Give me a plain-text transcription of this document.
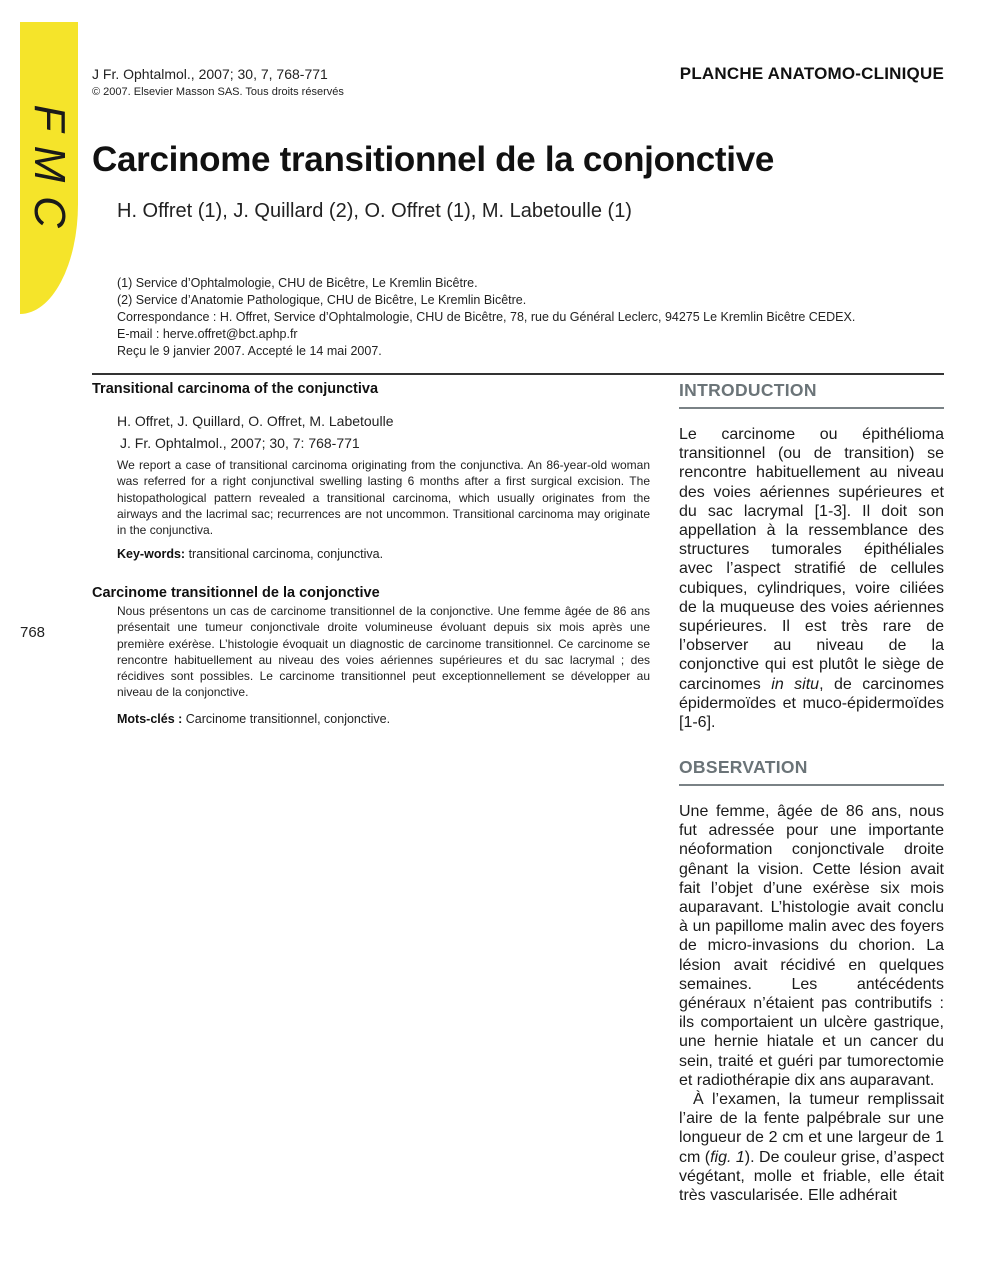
F
M
C
J Fr. Ophtalmol., 2007; 30, 7, 768-771
© 2007. Elsevier Masson SAS. Tous droits réservés
PLANCHE ANATOMO-CLINIQUE
Carcinome transitionnel de la conjonctive
H. Offret (1), J. Quillard (2), O. Offret (1), M. Labetoulle (1)
(1) Service d’Ophtalmologie, CHU de Bicêtre, Le Kremlin Bicêtre.
(2) Service d’Anatomie Pathologique, CHU de Bicêtre, Le Kremlin Bicêtre.
Correspondance : H. Offret, Service d’Ophtalmologie, CHU de Bicêtre, 78, rue du Général Leclerc, 94275 Le Kremlin Bicêtre CEDEX.
E-mail : herve.offret@bct.aphp.fr
Reçu le 9 janvier 2007. Accepté le 14 mai 2007.

Transitional carcinoma of the conjunctiva

H. Offret, J. Quillard, O. Offret, M. Labetoulle

J. Fr. Ophtalmol., 2007; 30, 7: 768-771

We report a case of transitional carcinoma originating from the conjunctiva. An 86-year-old woman was referred for a right conjunctival swelling lasting 6 months after a first surgical excision. The histopathological pattern revealed a transitional carcinoma, which usually originates from the airways and the lacrimal sac; recurrences are not uncommon. Transitional carcinoma may originate in the conjunctiva.

Key-words: transitional carcinoma, conjunctiva.

Carcinome transitionnel de la conjonctive

Nous présentons un cas de carcinome transitionnel de la conjonctive. Une femme âgée de 86 ans présentait une tumeur conjonctivale droite volumineuse évoluant depuis six mois après une première exérèse. L’histologie évoquait un diagnostic de carcinome transitionnel. Ce carcinome se rencontre habituellement au niveau des voies aériennes supérieures et du sac lacrymal ; des récidives sont possibles. Le carcinome transitionnel peut exceptionnellement se développer au niveau de la conjonctive.

Mots-clés : Carcinome transitionnel, conjonctive.

INTRODUCTION

Le carcinome ou épithélioma transitionnel (ou de transition) se rencontre habituellement au niveau des voies aériennes supérieures et du sac lacrymal [1-3]. Il doit son appellation à la ressemblance des structures tumorales épithéliales avec l’aspect stratifié de cellules cubiques, cylindriques, voire ciliées de la muqueuse des voies aériennes supérieures. Il est très rare de l’observer au niveau de la conjonctive qui est plutôt le siège de carcinomes in situ, de carcinomes épidermoïdes et muco-épidermoïdes [1-6].

OBSERVATION

Une femme, âgée de 86 ans, nous fut adressée pour une importante néoformation conjonctivale droite gênant la vision. Cette lésion avait fait l’objet d’une exérèse six mois auparavant. L’histologie avait conclu à un papillome malin avec des foyers de micro-invasions du chorion. La lésion avait récidivé en quelques semaines. Les antécédents généraux n’étaient pas contributifs : ils comportaient un ulcère gastrique, une hernie hiatale et un cancer du sein, traité et guéri par tumorectomie et radiothérapie dix ans auparavant.

À l’examen, la tumeur remplissait l’aire de la fente palpébrale sur une longueur de 2 cm et une largeur de 1 cm (fig. 1). De couleur grise, d’aspect végétant, molle et friable, elle était très vascularisée. Elle adhérait

768
